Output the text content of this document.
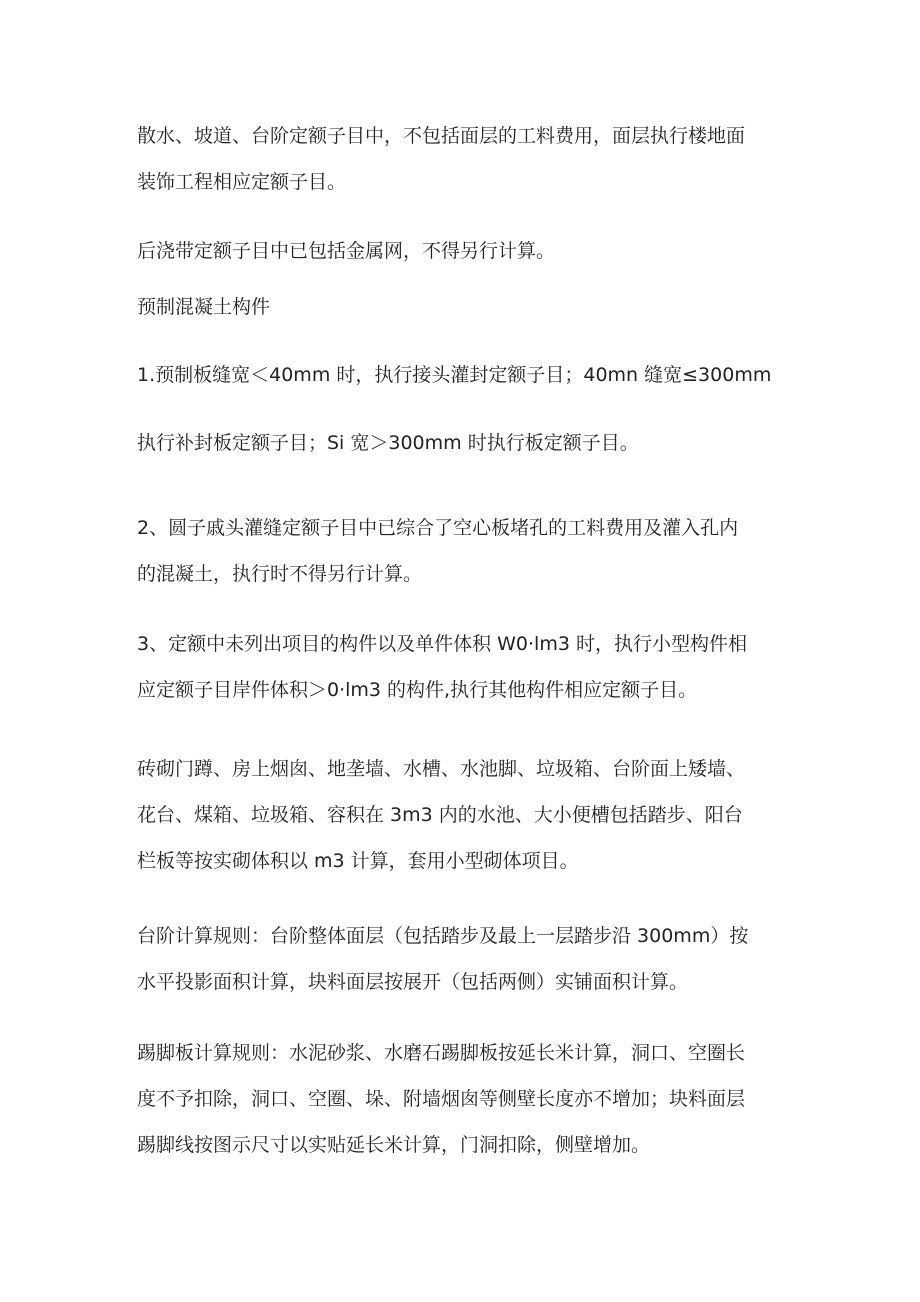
散水、坡道、台阶定额子目中，不包括面层的工料费用，面层执行楼地面
装饰工程相应定额子目。

后浇带定额子目中已包括金属网，不得另行计算。

预制混凝土构件

1.预制板缝宽＜40mm 时，执行接头灌封定额子目；40mn 缝宽≤300mm

执行补封板定额子目；Si 宽＞300mm 时执行板定额子目。

2、圆子戚头灌缝定额子目中已综合了空心板堵孔的工料费用及灌入孔内
的混凝土，执行时不得另行计算。

3、定额中未列出项目的构件以及单件体积 W0·lm3 时，执行小型构件相
应定额子目岸件体积＞0·lm3 的构件,执行其他构件相应定额子目。

砖砌门蹲、房上烟囱、地垄墙、水槽、水池脚、垃圾箱、台阶面上矮墙、
花台、煤箱、垃圾箱、容积在 3m3 内的水池、大小便槽包括踏步、阳台
栏板等按实砌体积以 m3 计算，套用小型砌体项目。

台阶计算规则：台阶整体面层（包括踏步及最上一层踏步沿 300mm）按
水平投影面积计算，块料面层按展开（包括两侧）实铺面积计算。

踢脚板计算规则：水泥砂浆、水磨石踢脚板按延长米计算，洞口、空圈长
度不予扣除，洞口、空圈、垛、附墙烟囱等侧壁长度亦不增加；块料面层
踢脚线按图示尺寸以实贴延长米计算，门洞扣除，侧壁增加。
